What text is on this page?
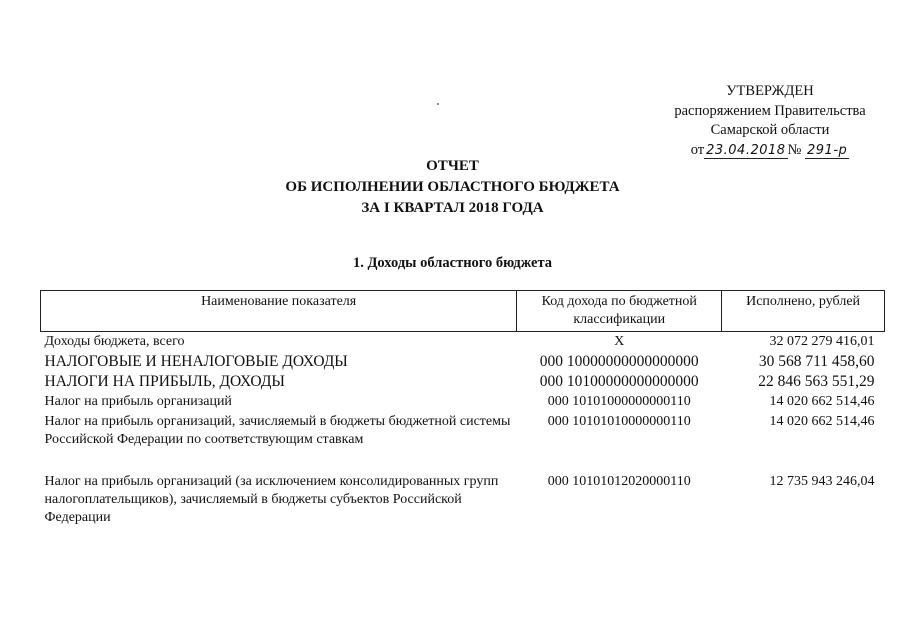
УТВЕРЖДЕН
распоряжением Правительства
Самарской области
от 23.04.2018 № 291-р
ОТЧЕТ
ОБ ИСПОЛНЕНИИ ОБЛАСТНОГО БЮДЖЕТА
ЗА I КВАРТАЛ 2018 ГОДА
1. Доходы областного бюджета
Наименование показателя	Код дохода по бюджетной классификации	Исполнено, рублей
Доходы бюджета, всего	X	32 072 279 416,01
НАЛОГОВЫЕ И НЕНАЛОГОВЫЕ ДОХОДЫ	000 10000000000000000	30 568 711 458,60
НАЛОГИ НА ПРИБЫЛЬ, ДОХОДЫ	000 10100000000000000	22 846 563 551,29
Налог на прибыль организаций	000 10101000000000110	14 020 662 514,46
Налог на прибыль организаций, зачисляемый в бюджеты бюджетной системы Российской Федерации по соответствующим ставкам	000 10101010000000110	14 020 662 514,46

Налог на прибыль организаций (за исключением консолидированных групп налогоплательщиков), зачисляемый в бюджеты субъектов Российской Федерации	000 10101012020000110	12 735 943 246,04
